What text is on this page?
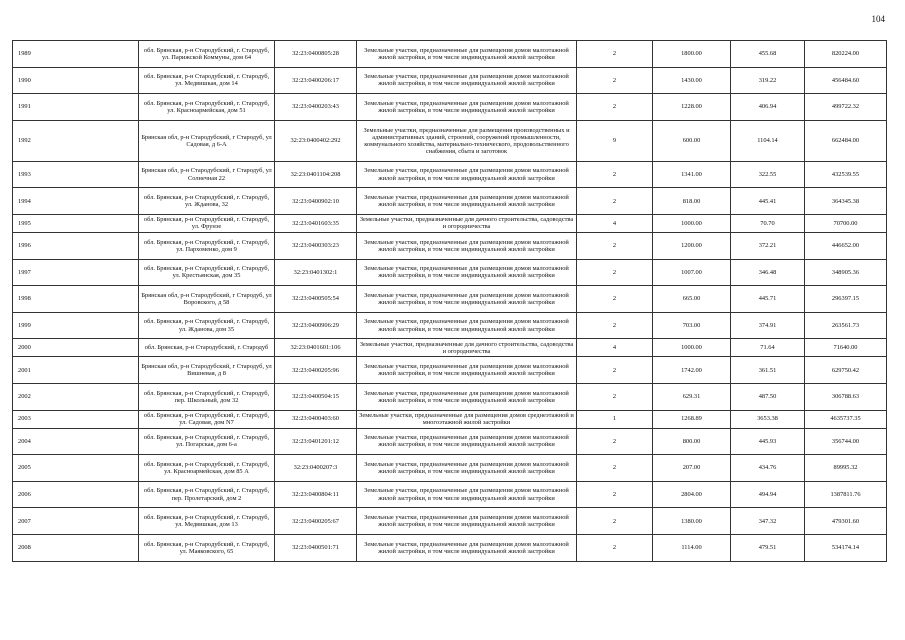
104
1989	обл. Брянская, р-н Стародубский, г. Стародуб, ул. Парижской Коммуны, дом 64	32:23:0400805:28	Земельные участки, предназначенные для размещения домов малоэтажной жилой застройки, в том числе индивидуальной жилой застройки	2	1800.00	455.68	820224.00
1990	обл. Брянская, р-н Стародубский, г. Стародуб, ул. Медвишкая, дом 14	32:23:0400206:17	Земельные участки, предназначенные для размещения домов малоэтажной жилой застройки, в том числе индивидуальной жилой застройки	2	1430.00	319.22	456484.60
1991	обл. Брянская, р-н Стародубский, г. Стародуб, ул. Красноармейская, дом 51	32:23:0400203:43	Земельные участки, предназначенные для размещения домов малоэтажной жилой застройки, в том числе индивидуальной жилой застройки	2	1228.00	406.94	499722.32
1992	Брянская обл, р-н Стародубский, г Стародуб, ул Садовая, д 6-А	32:23:0400402:292	Земельные участки, предназначенные для размещения производственных и административных зданий, строений, сооружений промышленности, коммунального хозяйства, материально-технического, продовольственного снабжения, сбыта и заготовок	9	600.00	1104.14	662484.00
1993	Брянская обл, р-н Стародубский, г Стародуб, ул Солнечная 22	32:23:0401104:208	Земельные участки, предназначенные для размещения домов малоэтажной жилой застройки, в том числе индивидуальной жилой застройки	2	1341.00	322.55	432539.55
1994	обл. Брянская, р-н Стародубский, г. Стародуб, ул. Жданова, 32	32:23:0400902:10	Земельные участки, предназначенные для размещения домов малоэтажной жилой застройки, в том числе индивидуальной жилой застройки	2	818.00	445.41	364345.38
1995	обл. Брянская, р-н Стародубский, г. Стародуб, ул. Фрунзе	32:23:0401603:35	Земельные участки, предназначенные для дачного строительства, садоводства и огородничества	4	1000.00	70.70	70700.00
1996	обл. Брянская, р-н Стародубский, г. Стародуб, ул. Пархоменко, дом 9	32:23:0400303:23	Земельные участки, предназначенные для размещения домов малоэтажной жилой застройки, в том числе индивидуальной жилой застройки	2	1200.00	372.21	446652.00
1997	обл. Брянская, р-н Стародубский, г. Стародуб, ул. Крестьянская, дом 35	32:23:0401302:1	Земельные участки, предназначенные для размещения домов малоэтажной жилой застройки, в том числе индивидуальной жилой застройки	2	1007.00	346.48	348905.36
1998	Брянская обл, р-н Стародубский, г Стародуб, ул Воровского, д 58	32:23:0400505:54	Земельные участки, предназначенные для размещения домов малоэтажной жилой застройки, в том числе индивидуальной жилой застройки	2	665.00	445.71	296397.15
1999	обл. Брянская, р-н Стародубский, г. Стародуб, ул. Жданова, дом 35	32:23:0400906:29	Земельные участки, предназначенные для размещения домов малоэтажной жилой застройки, в том числе индивидуальной жилой застройки	2	703.00	374.91	263561.73
2000	обл. Брянская, р-н Стародубский, г. Стародуб	32:23:0401601:106	Земельные участки, предназначенные для дачного строительства, садоводства и огородничества	4	1000.00	71.64	71640.00
2001	Брянская обл, р-н Стародубский, г Стародуб, ул Вишневая, д 8	32:23:0400205:96	Земельные участки, предназначенные для размещения домов малоэтажной жилой застройки, в том числе индивидуальной жилой застройки	2	1742.00	361.51	629750.42
2002	обл. Брянская, р-н Стародубский, г. Стародуб, пер. Школьный, дом 32	32:23:0400504:15	Земельные участки, предназначенные для размещения домов малоэтажной жилой застройки, в том числе индивидуальной жилой застройки	2	629.31	487.50	306788.63
2003	обл. Брянская, р-н Стародубский, г. Стародуб, ул. Садовая, дом N7	32:23:0400403:60	Земельные участки, предназначенные для размещения домов среднеэтажной и многоэтажной жилой застройки	1	1268.89	3653.38	4635737.35
2004	обл. Брянская, р-н Стародубский, г. Стародуб, ул. Погарская, дом 6-а	32:23:0401201:12	Земельные участки, предназначенные для размещения домов малоэтажной жилой застройки, в том числе индивидуальной жилой застройки	2	800.00	445.93	356744.00
2005	обл. Брянская, р-н Стародубский, г. Стародуб, ул. Красноармейская, дом 85 А	32:23:0400207:3	Земельные участки, предназначенные для размещения домов малоэтажной жилой застройки, в том числе индивидуальной жилой застройки	2	207.00	434.76	89995.32
2006	обл. Брянская, р-н Стародубский, г. Стародуб, пер. Пролетарский, дом 2	32:23:0400804:11	Земельные участки, предназначенные для размещения домов малоэтажной жилой застройки, в том числе индивидуальной жилой застройки	2	2804.00	494.94	1387811.76
2007	обл. Брянская, р-н Стародубский, г. Стародуб, ул. Медвишкая, дом 13	32:23:0400205:67	Земельные участки, предназначенные для размещения домов малоэтажной жилой застройки, в том числе индивидуальной жилой застройки	2	1380.00	347.32	479301.60
2008	обл. Брянская, р-н Стародубский, г. Стародуб, ул. Маяковского, 65	32:23:0400501:71	Земельные участки, предназначенные для размещения домов малоэтажной жилой застройки, в том числе индивидуальной жилой застройки	2	1114.00	479.51	534174.14
